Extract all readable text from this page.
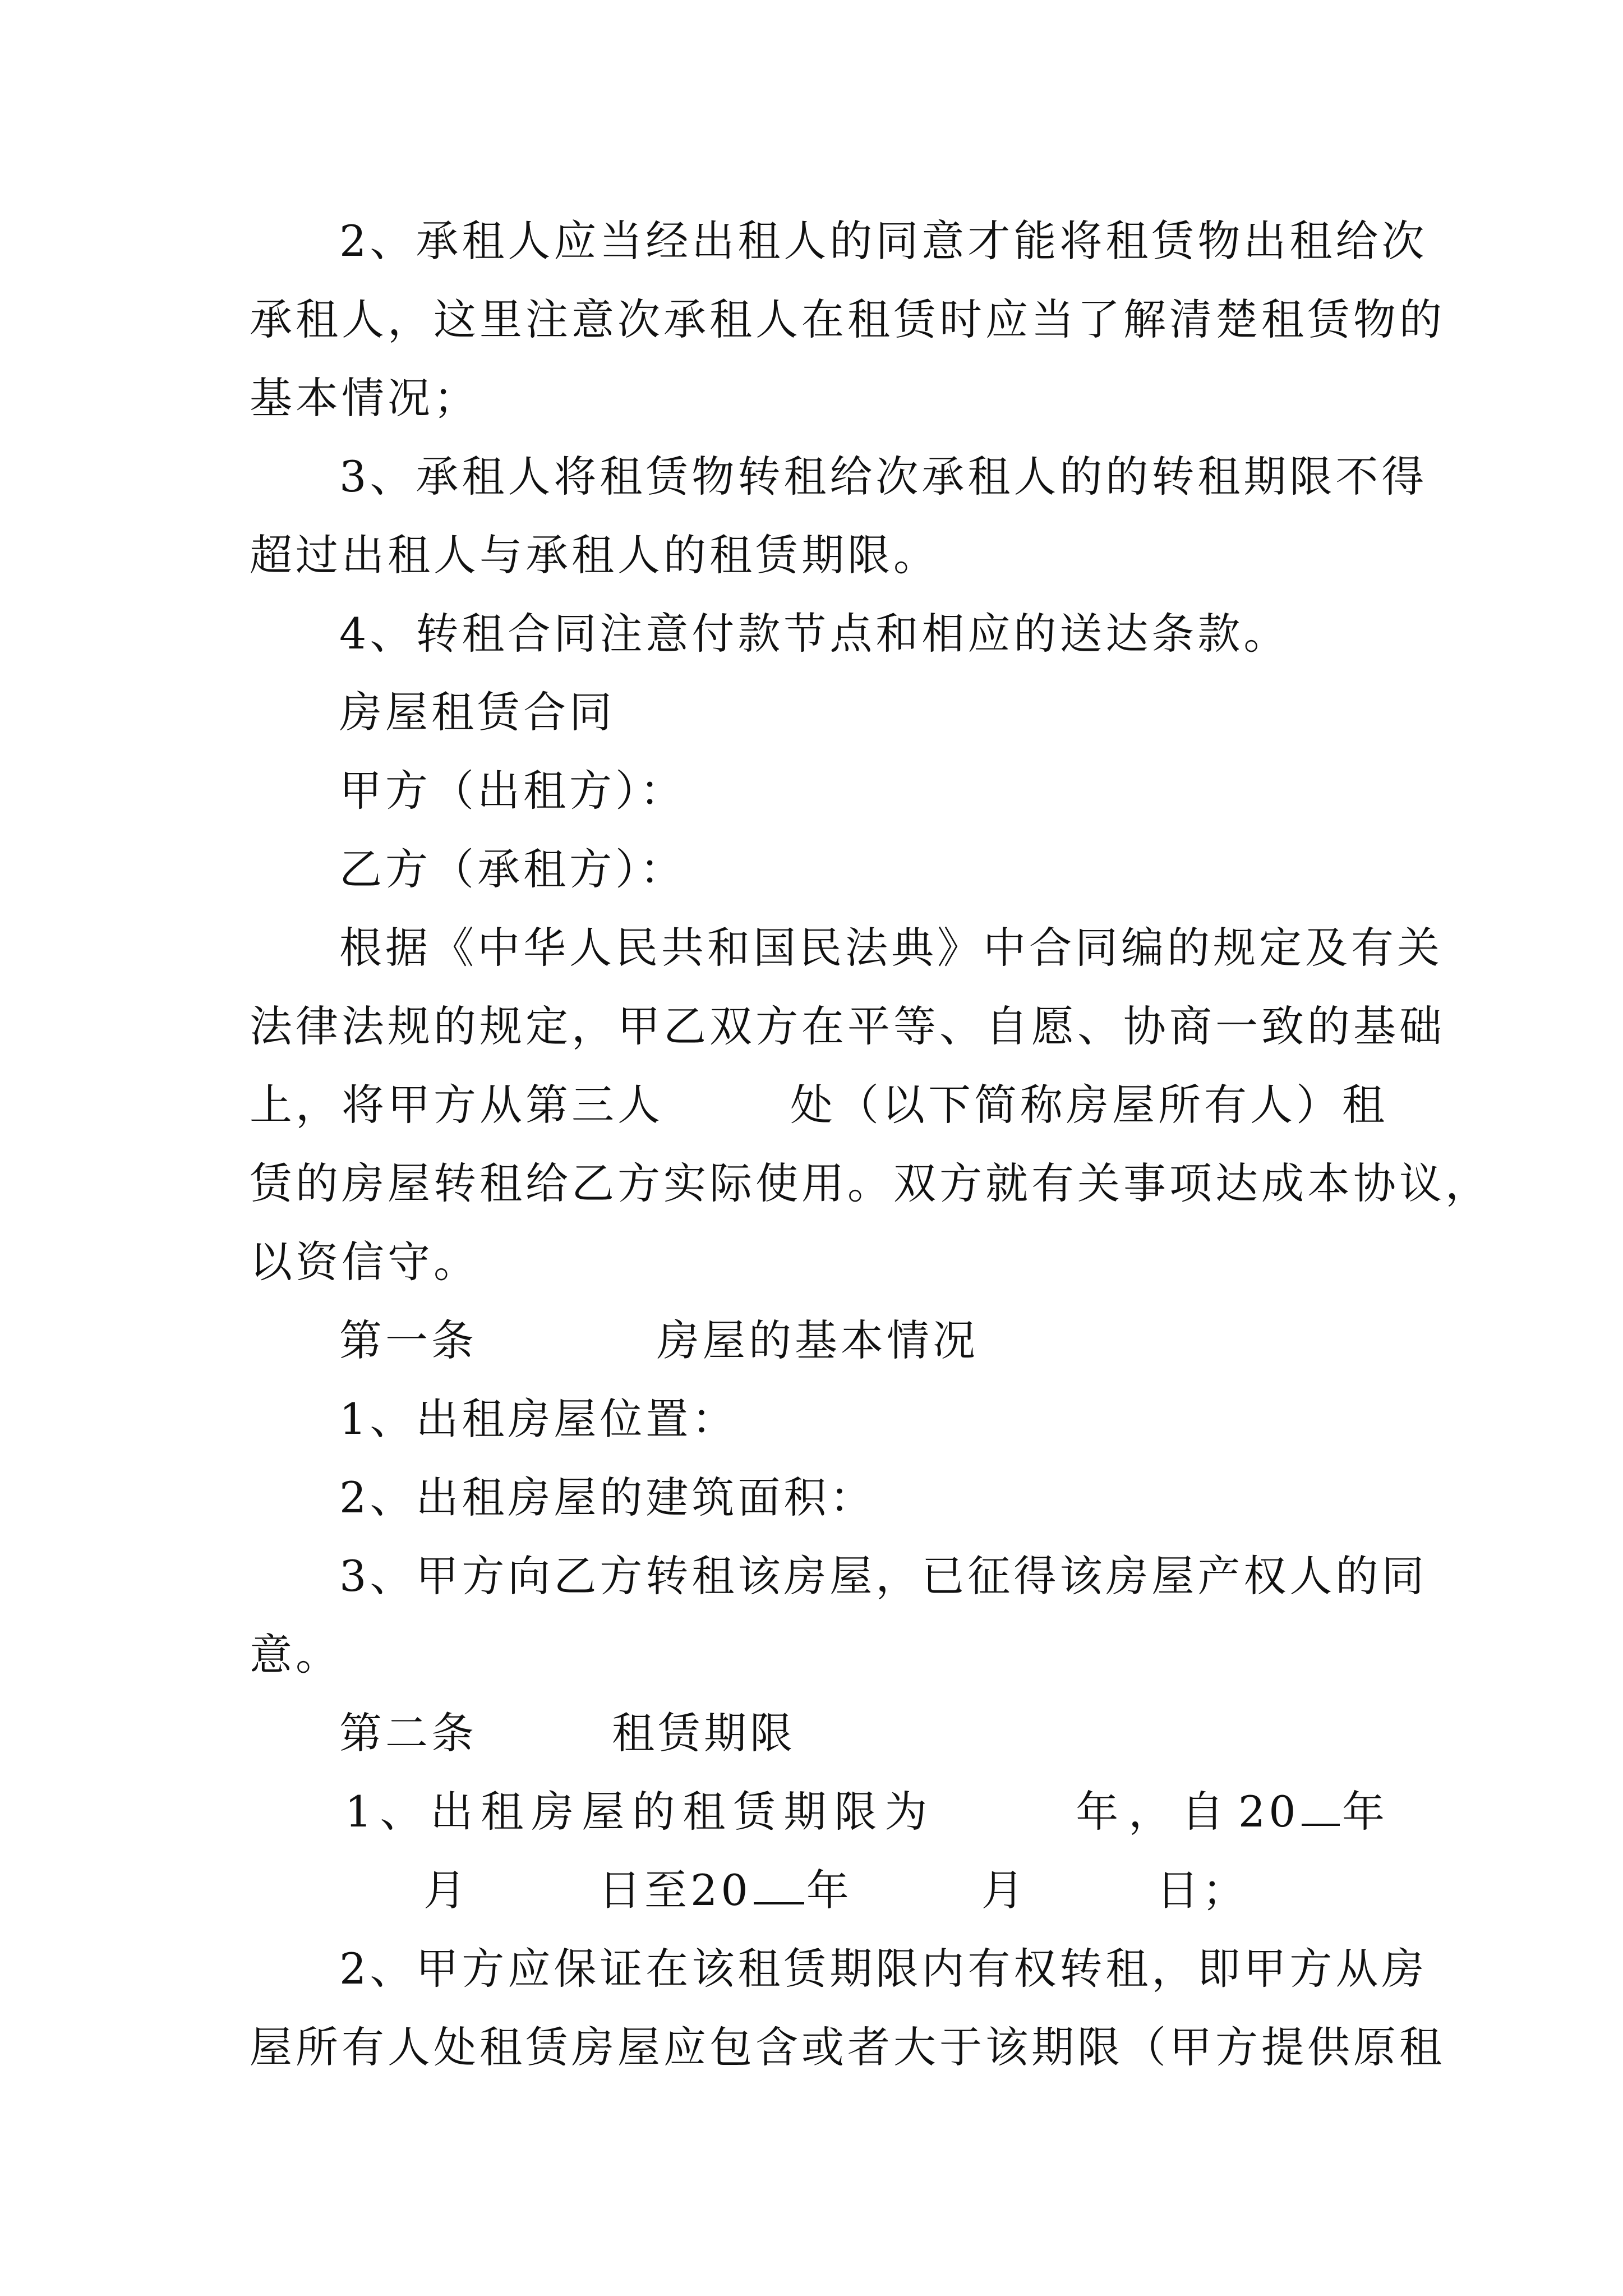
2、承租人应当经出租人的同意才能将租赁物出租给次
承租人，这里注意次承租人在租赁时应当了解清楚租赁物的
基本情况；
3、承租人将租赁物转租给次承租人的的转租期限不得
超过出租人与承租人的租赁期限。
4、转租合同注意付款节点和相应的送达条款。
房屋租赁合同
甲方（出租方）：
乙方（承租方）：
根据《中华人民共和国民法典》中合同编的规定及有关
法律法规的规定，甲乙双方在平等、自愿、协商一致的基础
上，将甲方从第三人	处（以下简称房屋所有人）租
赁的房屋转租给乙方实际使用。双方就有关事项达成本协议，
以资信守。
第一条	房屋的基本情况
1、出租房屋位置：
2、出租房屋的建筑面积：
3、甲方向乙方转租该房屋，已征得该房屋产权人的同
意。
第二条	租赁期限
1、出租房屋的租赁期限为	年，自 20 年
月	日至 20 年	月	日；
2、甲方应保证在该租赁期限内有权转租，即甲方从房
屋所有人处租赁房屋应包含或者大于该期限（甲方提供原租
